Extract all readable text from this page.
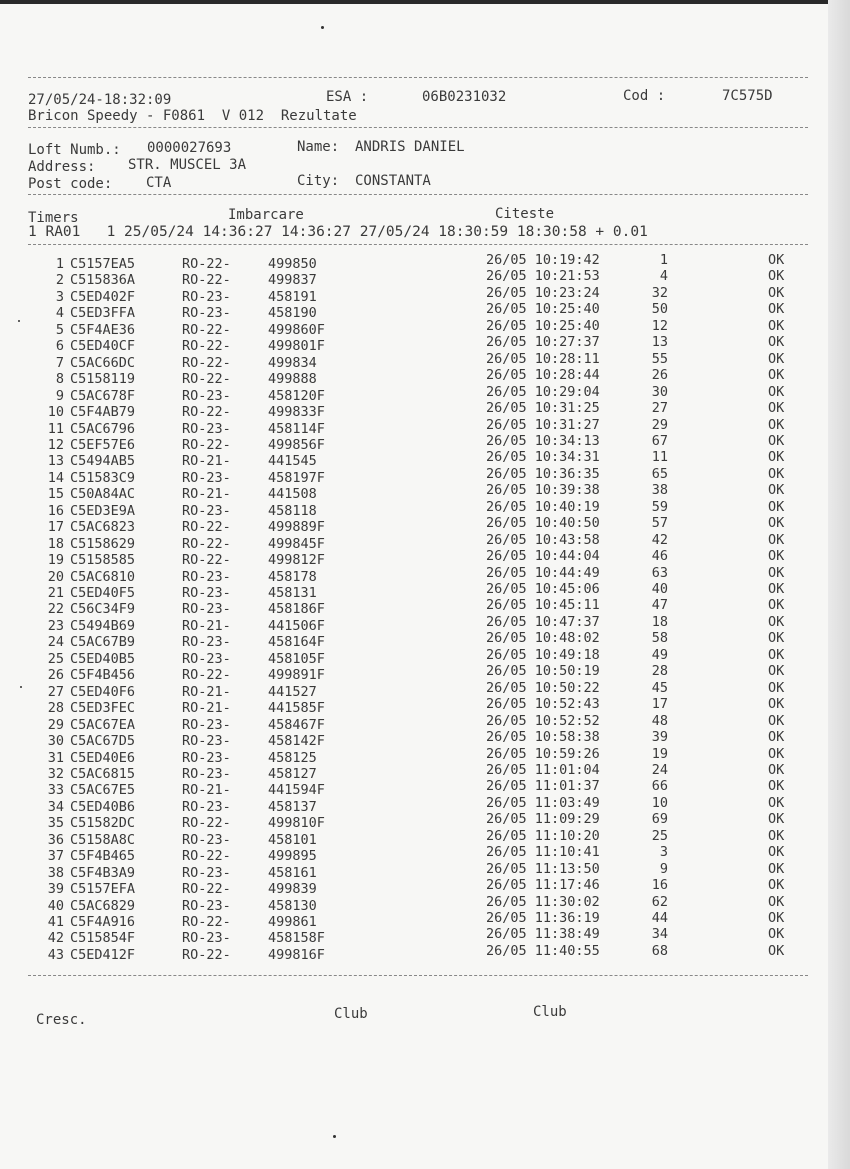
27/05/24-18:32:09	ESA :	06B0231032	Cod :	7C575D
Bricon Speedy - F0861  V 012  Rezultate
Loft Numb.: 0000027693	Name: ANDRIS DANIEL
Address: STR. MUSCEL 3A
Post code: CTA	City: CONSTANTA
Timers	Imbarcare	Citeste
1 RA01   1 25/05/24 14:36:27 14:36:27 27/05/24 18:30:59 18:30:58 + 0.01
1 C5157EA5	RO-22-	499850	26/05 10:19:42	1	OK
2 C515836A	RO-22-	499837	26/05 10:21:53	4	OK
3 C5ED402F	RO-23-	458191	26/05 10:23:24	32	OK
4 C5ED3FFA	RO-23-	458190	26/05 10:25:40	50	OK
5 C5F4AE36	RO-22-	499860F	26/05 10:25:40	12	OK
6 C5ED40CF	RO-22-	499801F	26/05 10:27:37	13	OK
7 C5AC66DC	RO-22-	499834	26/05 10:28:11	55	OK
8 C5158119	RO-22-	499888	26/05 10:28:44	26	OK
9 C5AC678F	RO-23-	458120F	26/05 10:29:04	30	OK
10 C5F4AB79	RO-22-	499833F	26/05 10:31:25	27	OK
11 C5AC6796	RO-23-	458114F	26/05 10:31:27	29	OK
12 C5EF57E6	RO-22-	499856F	26/05 10:34:13	67	OK
13 C5494AB5	RO-21-	441545	26/05 10:34:31	11	OK
14 C51583C9	RO-23-	458197F	26/05 10:36:35	65	OK
15 C50A84AC	RO-21-	441508	26/05 10:39:38	38	OK
16 C5ED3E9A	RO-23-	458118	26/05 10:40:19	59	OK
17 C5AC6823	RO-22-	499889F	26/05 10:40:50	57	OK
18 C5158629	RO-22-	499845F	26/05 10:43:58	42	OK
19 C5158585	RO-22-	499812F	26/05 10:44:04	46	OK
20 C5AC6810	RO-23-	458178	26/05 10:44:49	63	OK
21 C5ED40F5	RO-23-	458131	26/05 10:45:06	40	OK
22 C56C34F9	RO-23-	458186F	26/05 10:45:11	47	OK
23 C5494B69	RO-21-	441506F	26/05 10:47:37	18	OK
24 C5AC67B9	RO-23-	458164F	26/05 10:48:02	58	OK
25 C5ED40B5	RO-23-	458105F	26/05 10:49:18	49	OK
26 C5F4B456	RO-22-	499891F	26/05 10:50:19	28	OK
27 C5ED40F6	RO-21-	441527	26/05 10:50:22	45	OK
28 C5ED3FEC	RO-21-	441585F	26/05 10:52:43	17	OK
29 C5AC67EA	RO-23-	458467F	26/05 10:52:52	48	OK
30 C5AC67D5	RO-23-	458142F	26/05 10:58:38	39	OK
31 C5ED40E6	RO-23-	458125	26/05 10:59:26	19	OK
32 C5AC6815	RO-23-	458127	26/05 11:01:04	24	OK
33 C5AC67E5	RO-21-	441594F	26/05 11:01:37	66	OK
34 C5ED40B6	RO-23-	458137	26/05 11:03:49	10	OK
35 C51582DC	RO-22-	499810F	26/05 11:09:29	69	OK
36 C5158A8C	RO-23-	458101	26/05 11:10:20	25	OK
37 C5F4B465	RO-22-	499895	26/05 11:10:41	3	OK
38 C5F4B3A9	RO-23-	458161	26/05 11:13:50	9	OK
39 C5157EFA	RO-22-	499839	26/05 11:17:46	16	OK
40 C5AC6829	RO-23-	458130	26/05 11:30:02	62	OK
41 C5F4A916	RO-22-	499861	26/05 11:36:19	44	OK
42 C515854F	RO-23-	458158F	26/05 11:38:49	34	OK
43 C5ED412F	RO-22-	499816F	26/05 11:40:55	68	OK
Cresc.	Club	Club
